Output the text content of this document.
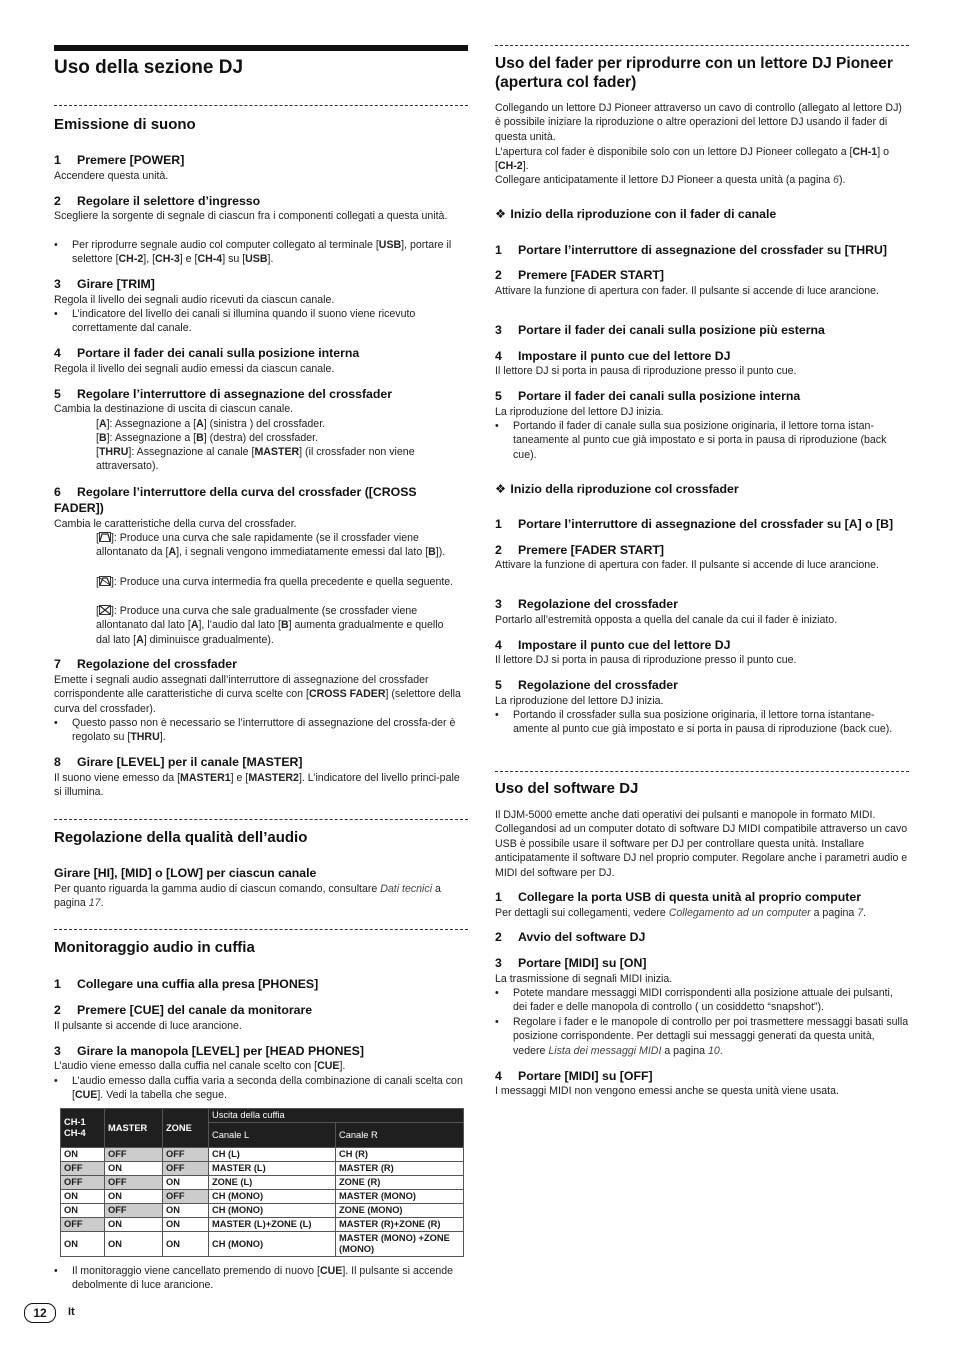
Uso della sezione DJ
Emissione di suono
1 Premere [POWER]
Accendere questa unità.
2 Regolare il selettore d’ingresso
Scegliere la sorgente di segnale di ciascun fra i componenti collegati a questa unità.
• Per riprodurre segnale audio col computer collegato al terminale [USB], portare il selettore [CH-2], [CH-3] e [CH-4] su [USB].
3 Girare [TRIM]
Regola il livello dei segnali audio ricevuti da ciascun canale.
• L’indicatore del livello dei canali si illumina quando il suono viene ricevuto correttamente dal canale.
4 Portare il fader dei canali sulla posizione interna
Regola il livello dei segnali audio emessi da ciascun canale.
5 Regolare l’interruttore di assegnazione del crossfader
Cambia la destinazione di uscita di ciascun canale.
[A]: Assegnazione a [A] (sinistra ) del crossfader.
[B]: Assegnazione a [B] (destra) del crossfader.
[THRU]: Assegnazione al canale [MASTER] (il crossfader non viene attraversato).
6 Regolare l’interruttore della curva del crossfader ([CROSS FADER])
Cambia le caratteristiche della curva del crossfader.
[ ]: Produce una curva che sale rapidamente (se il crossfader viene allontanato da [A], i segnali vengono immediatamente emessi dal lato [B]).
[ ]: Produce una curva intermedia fra quella precedente e quella seguente.
[ ]: Produce una curva che sale gradualmente (se crossfader viene allontanato dal lato [A], l’audio dal lato [B] aumenta gradualmente e quello dal lato [A] diminuisce gradualmente).
7 Regolazione del crossfader
Emette i segnali audio assegnati dall’interruttore di assegnazione del crossfader corrispondente alle caratteristiche di curva scelte con [CROSS FADER] (selettore della curva del crossfader).
• Questo passo non è necessario se l’interruttore di assegnazione del crossfa-der è regolato su [THRU].
8 Girare [LEVEL] per il canale [MASTER]
Il suono viene emesso da [MASTER1] e [MASTER2]. L’indicatore del livello princi-pale si illumina.
Regolazione della qualità dell’audio
Girare [HI], [MID] o [LOW] per ciascun canale
Per quanto riguarda la gamma audio di ciascun comando, consultare Dati tecnici a pagina 17.
Monitoraggio audio in cuffia
1 Collegare una cuffia alla presa [PHONES]
2 Premere [CUE] del canale da monitorare
Il pulsante si accende di luce arancione.
3 Girare la manopola [LEVEL] per [HEAD PHONES]
L’audio viene emesso dalla cuffia nel canale scelto con [CUE].
• L’audio emesso dalla cuffia varia a seconda della combinazione di canali scelta con [CUE]. Vedi la tabella che segue.
CH-1
CH-4	MASTER	ZONE	Uscita della cuffia	
			Canale L	Canale R
ON	OFF	OFF	CH (L)	CH (R)
OFF	ON	OFF	MASTER (L)	MASTER (R)
OFF	OFF	ON	ZONE (L)	ZONE (R)
ON	ON	OFF	CH (MONO)	MASTER (MONO)
ON	OFF	ON	CH (MONO)	ZONE (MONO)
OFF	ON	ON	MASTER (L)+ZONE (L)	MASTER (R)+ZONE (R)
ON	ON	ON	CH (MONO)	MASTER (MONO) +ZONE (MONO)
• Il monitoraggio viene cancellato premendo di nuovo [CUE]. Il pulsante si accende debolmente di luce arancione.
Uso del fader per riprodurre con un lettore DJ Pioneer (apertura col fader)
Collegando un lettore DJ Pioneer attraverso un cavo di controllo (allegato al lettore DJ) è possibile iniziare la riproduzione o altre operazioni del lettore DJ usando il fader di questa unità.
L’apertura col fader è disponibile solo con un lettore DJ Pioneer collegato a [CH-1] o [CH-2].
Collegare anticipatamente il lettore DJ Pioneer a questa unità (a pagina 6).
❖ Inizio della riproduzione con il fader di canale
1 Portare l’interruttore di assegnazione del crossfader su [THRU]
2 Premere [FADER START]
Attivare la funzione di apertura con fader. Il pulsante si accende di luce arancione.
3 Portare il fader dei canali sulla posizione più esterna
4 Impostare il punto cue del lettore DJ
Il lettore DJ si porta in pausa di riproduzione presso il punto cue.
5 Portare il fader dei canali sulla posizione interna
La riproduzione del lettore DJ inizia.
• Portando il fader di canale sulla sua posizione originaria, il lettore torna istan-taneamente al punto cue già impostato e si porta in pausa di riproduzione (back cue).
❖ Inizio della riproduzione col crossfader
1 Portare l’interruttore di assegnazione del crossfader su [A] o [B]
2 Premere [FADER START]
Attivare la funzione di apertura con fader. Il pulsante si accende di luce arancione.
3 Regolazione del crossfader
Portarlo all’estremità opposta a quella del canale da cui il fader è iniziato.
4 Impostare il punto cue del lettore DJ
Il lettore DJ si porta in pausa di riproduzione presso il punto cue.
5 Regolazione del crossfader
La riproduzione del lettore DJ inizia.
• Portando il crossfader sulla sua posizione originaria, il lettore torna istantane-amente al punto cue già impostato e si porta in pausa di riproduzione (back cue).
Uso del software DJ
Il DJM-5000 emette anche dati operativi dei pulsanti e manopole in formato MIDI. Collegandosi ad un computer dotato di software DJ MIDI compatibile attraverso un cavo USB è possibile usare il software per DJ per controllare questa unità. Installare anticipatamente il software DJ nel proprio computer. Regolare anche i parametri audio e MIDI del software per DJ.
1 Collegare la porta USB di questa unità al proprio computer
Per dettagli sui collegamenti, vedere Collegamento ad un computer a pagina 7.
2 Avvio del software DJ
3 Portare [MIDI] su [ON]
La trasmissione di segnali MIDI inizia.
• Potete mandare messaggi MIDI corrispondenti alla posizione attuale dei pulsanti, dei fader e delle manopola di controllo ( un cosiddetto “snapshot”).
• Regolare i fader e le manopole di controllo per poi trasmettere messaggi basati sulla posizione corrispondente. Per dettagli sui messaggi generati da questa unità, vedere Lista dei messaggi MIDI a pagina 10.
4 Portare [MIDI] su [OFF]
I messaggi MIDI non vengono emessi anche se questa unità viene usata.
12	It
